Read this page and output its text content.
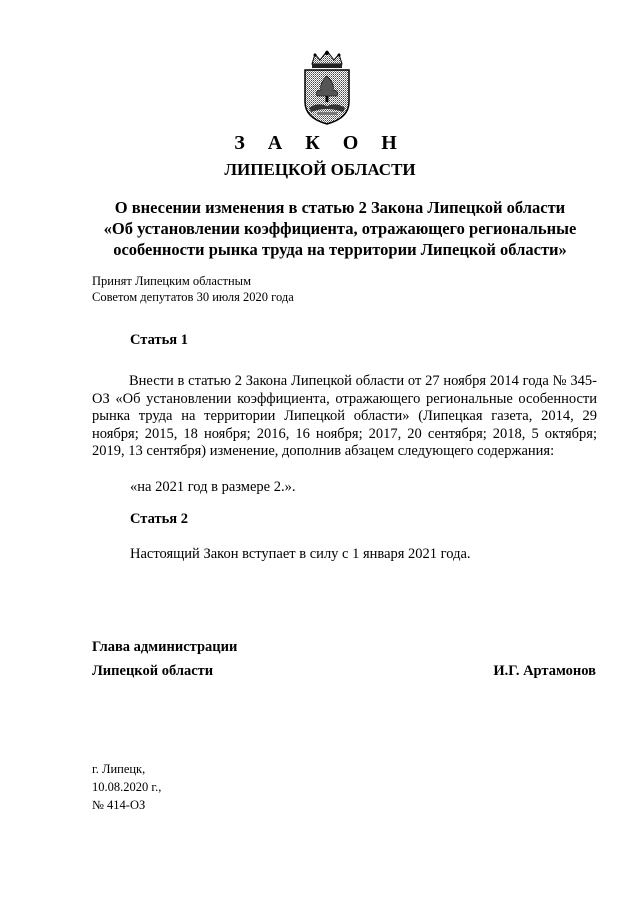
З А К О Н
ЛИПЕЦКОЙ ОБЛАСТИ
О внесении изменения в статью 2 Закона Липецкой области
«Об установлении коэффициента, отражающего региональные
особенности рынка труда на территории Липецкой области»
Принят Липецким областным
Советом депутатов 30 июля 2020 года
Статья 1

Внести в статью 2 Закона Липецкой области от 27 ноября 2014 года № 345-ОЗ «Об установлении коэффициента, отражающего региональные особенности рынка труда на территории Липецкой области» (Липецкая газета, 2014, 29 ноября; 2015, 18 ноября; 2016, 16 ноября; 2017, 20 сентября; 2018, 5 октября; 2019, 13 сентября) изменение, дополнив абзацем следующего содержания:

«на 2021 год в размере 2.».
Статья 2
Настоящий Закон вступает в силу с 1 января 2021 года.
Глава администрации
Липецкой области	И.Г. Артамонов
г. Липецк,
10.08.2020 г.,
№ 414-ОЗ
